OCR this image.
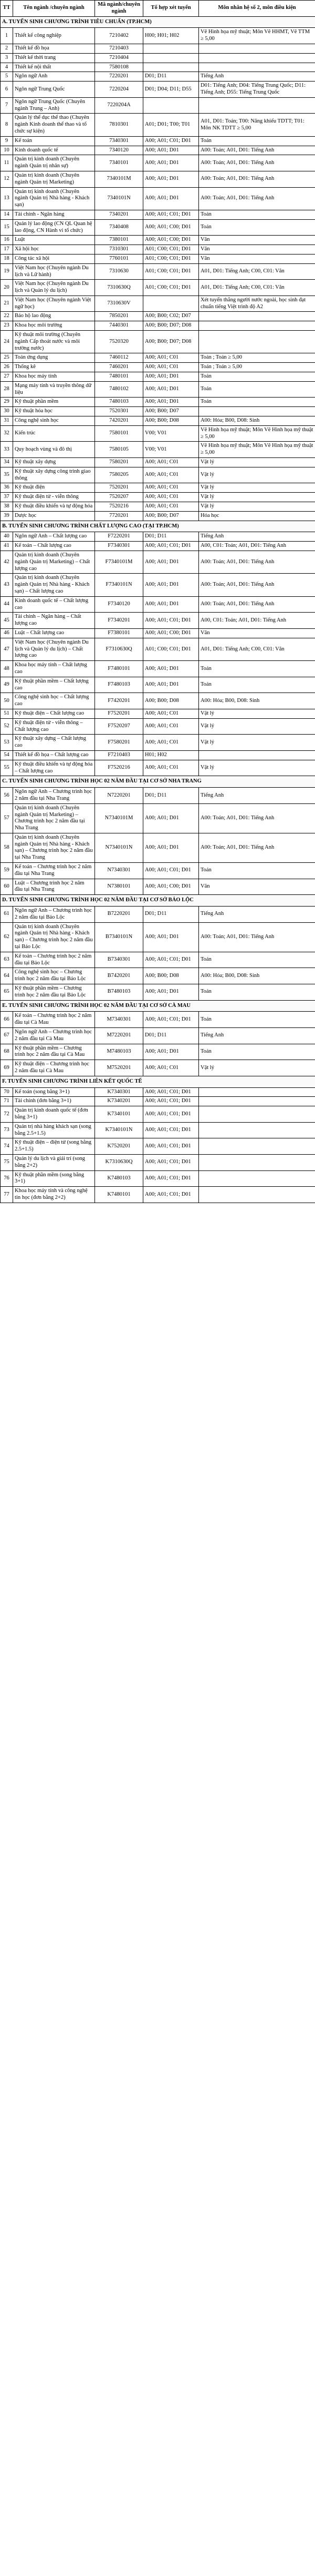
TT	Tên ngành /chuyên ngành	Mã ngành/chuyên ngành	Tổ hợp xét tuyển	Môn nhân hệ số 2, môn điều kiện
A. TUYỂN SINH CHƯƠNG TRÌNH TIÊU CHUẨN (TP.HCM)				
1	Thiết kế công nghiệp	7210402	H00; H01; H02	Vẽ Hình họa mỹ thuật; Môn Vẽ HHMT, Vẽ TTM ≥ 5,00
2	Thiết kế đồ họa	7210403		
3	Thiết kế thời trang	7210404		
4	Thiết kế nội thất	7580108		
5	Ngôn ngữ Anh	7220201	D01; D11	Tiếng Anh
6	Ngôn ngữ Trung Quốc	7220204	D01; D04; D11; D55	D01: Tiếng Anh; D04: Tiếng Trung Quốc; D11: Tiếng Anh; D55: Tiếng Trung Quốc
7	Ngôn ngữ Trung Quốc (Chuyên ngành Trung – Anh)	7220204A		
8	Quản lý thể dục thể thao (Chuyên ngành Kinh doanh thể thao và tổ chức sự kiện)	7810301	A01; D01; T00; T01	A01, D01: Toán; T00: Năng khiếu TDTT; T01: Môn NK TDTT ≥ 5,00
9	Kế toán	7340301	A00; A01; C01; D01	Toán
10	Kinh doanh quốc tế	7340120	A00; A01; D01	A00: Toán; A01, D01: Tiếng Anh
11	Quản trị kinh doanh (Chuyên ngành Quản trị nhân sự)	7340101	A00; A01; D01	A00: Toán; A01, D01: Tiếng Anh
12	Quản trị kinh doanh (Chuyên ngành Quản trị Marketing)	7340101M	A00; A01; D01	A00: Toán; A01, D01: Tiếng Anh
13	Quản trị kinh doanh (Chuyên ngành Quản trị Nhà hàng - Khách sạn)	7340101N	A00; A01; D01	A00: Toán; A01, D01: Tiếng Anh
14	Tài chính - Ngân hàng	7340201	A00; A01; C01; D01	Toán
15	Quản lý lao động (CN QL Quan hệ lao động, CN Hành vi tổ chức)	7340408	A00; A01; C00; D01	Toán
16	Luật	7380101	A00; A01; C00; D01	Văn
17	Xã hội học	7310301	A01; C00; C01; D01	Văn
18	Công tác xã hội	7760101	A01; C00; C01; D01	Văn
19	Việt Nam học (Chuyên ngành Du lịch và Lữ hành)	7310630	A01; C00; C01; D01	A01, D01: Tiếng Anh; C00, C01: Văn
20	Việt Nam học (Chuyên ngành Du lịch và Quản lý du lịch)	7310630Q	A01; C00; C01; D01	A01, D01: Tiếng Anh; C00, C01: Văn
21	Việt Nam học (Chuyên ngành Việt ngữ học)	7310630V		Xét tuyển thẳng người nước ngoài, học sinh đạt chuẩn tiếng Việt trình độ A2
22	Bảo hộ lao động	7850201	A00; B00; C02; D07	
23	Khoa học môi trường	7440301	A00; B00; D07; D08	
24	Kỹ thuật môi trường (Chuyên ngành Cấp thoát nước và môi trường nước)	7520320	A00; B00; D07; D08	
25	Toán ứng dụng	7460112	A00; A01; C01	Toán ; Toán ≥ 5,00
26	Thống kê	7460201	A00; A01; C01	Toán ; Toán ≥ 5,00
27	Khoa học máy tính	7480101	A00; A01; D01	Toán
28	Mạng máy tính và truyền thông dữ liệu	7480102	A00; A01; D01	Toán
29	Kỹ thuật phần mềm	7480103	A00; A01; D01	Toán
30	Kỹ thuật hóa học	7520301	A00; B00; D07	
31	Công nghệ sinh học	7420201	A00; B00; D08	A00: Hóa; B00, D08: Sinh
32	Kiến trúc	7580101	V00; V01	Vẽ Hình họa mỹ thuật; Môn Vẽ Hình họa mỹ thuật ≥ 5,00
33	Quy hoạch vùng và đô thị	7580105	V00; V01	Vẽ Hình họa mỹ thuật; Môn Vẽ Hình họa mỹ thuật ≥ 5,00
34	Kỹ thuật xây dựng	7580201	A00; A01; C01	Vật lý
35	Kỹ thuật xây dựng công trình giao thông	7580205	A00; A01; C01	Vật lý
36	Kỹ thuật điện	7520201	A00; A01; C01	Vật lý
37	Kỹ thuật điện tử - viễn thông	7520207	A00; A01; C01	Vật lý
38	Kỹ thuật điều khiển và tự động hóa	7520216	A00; A01; C01	Vật lý
39	Dược học	7720201	A00; B00; D07	Hóa học
B. TUYỂN SINH CHƯƠNG TRÌNH CHẤT LƯỢNG CAO (TẠI TP.HCM)				
40	Ngôn ngữ Anh – Chất lượng cao	F7220201	D01; D11	Tiếng Anh
41	Kế toán – Chất lượng cao	F7340301	A00; A01; C01; D01	A00, C01: Toán; A01, D01: Tiếng Anh
42	Quản trị kinh doanh (Chuyên ngành Quản trị Marketing) – Chất lượng cao	F7340101M	A00; A01; D01	A00: Toán; A01, D01: Tiếng Anh
43	Quản trị kinh doanh (Chuyên ngành Quản trị Nhà hàng - Khách sạn) – Chất lượng cao	F7340101N	A00; A01; D01	A00: Toán; A01, D01: Tiếng Anh
44	Kinh doanh quốc tế – Chất lượng cao	F7340120	A00; A01; D01	A00: Toán; A01, D01: Tiếng Anh
45	Tài chính – Ngân hàng – Chất lượng cao	F7340201	A00; A01; C01; D01	A00, C01: Toán; A01, D01: Tiếng Anh
46	Luật – Chất lượng cao	F7380101	A00; A01; C00; D01	Văn
47	Việt Nam học (Chuyên ngành Du lịch và Quản lý du lịch) – Chất lượng cao	F7310630Q	A01; C00; C01; D01	A01, D01: Tiếng Anh; C00, C01: Văn
48	Khoa học máy tính – Chất lượng cao	F7480101	A00; A01; D01	Toán
49	Kỹ thuật phần mềm – Chất lượng cao	F7480103	A00; A01; D01	Toán
50	Công nghệ sinh học – Chất lượng cao	F7420201	A00; B00; D08	A00: Hóa; B00, D08: Sinh
51	Kỹ thuật điện – Chất lượng cao	F7520201	A00; A01; C01	Vật lý
52	Kỹ thuật điện tử - viễn thông – Chất lượng cao	F7520207	A00; A01; C01	Vật lý
53	Kỹ thuật xây dựng – Chất lượng cao	F7580201	A00; A01; C01	Vật lý
54	Thiết kế đồ họa – Chất lượng cao	F7210403	H01; H02	
55	Kỹ thuật điều khiển và tự động hóa – Chất lượng cao	F7520216	A00; A01; C01	Vật lý
C. TUYỂN SINH CHƯƠNG TRÌNH HỌC 02 NĂM ĐẦU TẠI CƠ SỞ NHA TRANG				
56	Ngôn ngữ Anh – Chương trình học 2 năm đầu tại Nha Trang	N7220201	D01; D11	Tiếng Anh
57	Quản trị kinh doanh (Chuyên ngành Quản trị Marketing) – Chương trình học 2 năm đầu tại Nha Trang	N7340101M	A00; A01; D01	A00: Toán; A01, D01: Tiếng Anh
58	Quản trị kinh doanh (Chuyên ngành Quản trị Nhà hàng - Khách sạn) – Chương trình học 2 năm đầu tại Nha Trang	N7340101N	A00; A01; D01	A00: Toán; A01, D01: Tiếng Anh
59	Kế toán – Chương trình học 2 năm đầu tại Nha Trang	N7340301	A00; A01; C01; D01	Toán
60	Luật – Chương trình học 2 năm đầu tại Nha Trang	N7380101	A00; A01; C00; D01	Văn
D. TUYỂN SINH CHƯƠNG TRÌNH HỌC 02 NĂM ĐẦU TẠI CƠ SỞ BẢO LỘC				
61	Ngôn ngữ Anh – Chương trình học 2 năm đầu tại Bảo Lộc	B7220201	D01; D11	Tiếng Anh
62	Quản trị kinh doanh (Chuyên ngành Quản trị Nhà hàng - Khách sạn) – Chương trình học 2 năm đầu tại Bảo Lộc	B7340101N	A00; A01; D01	A00: Toán; A01, D01: Tiếng Anh
63	Kế toán – Chương trình học 2 năm đầu tại Bảo Lộc	B7340301	A00; A01; C01; D01	Toán
64	Công nghệ sinh học – Chương trình học 2 năm đầu tại Bảo Lộc	B7420201	A00; B00; D08	A00: Hóa; B00, D08: Sinh
65	Kỹ thuật phần mềm – Chương trình học 2 năm đầu tại Bảo Lộc	B7480103	A00; A01; D01	Toán
E. TUYỂN SINH CHƯƠNG TRÌNH HỌC 02 NĂM ĐẦU TẠI CƠ SỞ CÀ MAU				
66	Kế toán – Chương trình học 2 năm đầu tại Cà Mau	M7340301	A00; A01; C01; D01	Toán
67	Ngôn ngữ Anh – Chương trình học 2 năm đầu tại Cà Mau	M7220201	D01; D11	Tiếng Anh
68	Kỹ thuật phần mềm – Chương trình học 2 năm đầu tại Cà Mau	M7480103	A00; A01; D01	Toán
69	Kỹ thuật điện – Chương trình học 2 năm đầu tại Cà Mau	M7520201	A00; A01; C01	Vật lý
F. TUYỂN SINH CHƯƠNG TRÌNH LIÊN KẾT QUỐC TẾ				
70	Kế toán (song bằng 3+1)	K7340301	A00; A01; C01; D01	
71	Tài chính (đơn bằng 3+1)	K7340201	A00; A01; C01; D01	
72	Quản trị kinh doanh quốc tế (đơn bằng 3+1)	K7340101	A00; A01; C01; D01	
73	Quản trị nhà hàng khách sạn (song bằng 2.5+1.5)	K7340101N	A00; A01; C01; D01	
74	Kỹ thuật điện – điện tử (song bằng 2.5+1.5)	K7520201	A00; A01; C01; D01	
75	Quản lý du lịch và giải trí (song bằng 2+2)	K7310630Q	A00; A01; C01; D01	
76	Kỹ thuật phần mềm (song bằng 3+1)	K7480103	A00; A01; C01; D01	
77	Khoa học máy tính và công nghệ tin học (đơn bằng 2+2)	K7480101	A00; A01; C01; D01	
